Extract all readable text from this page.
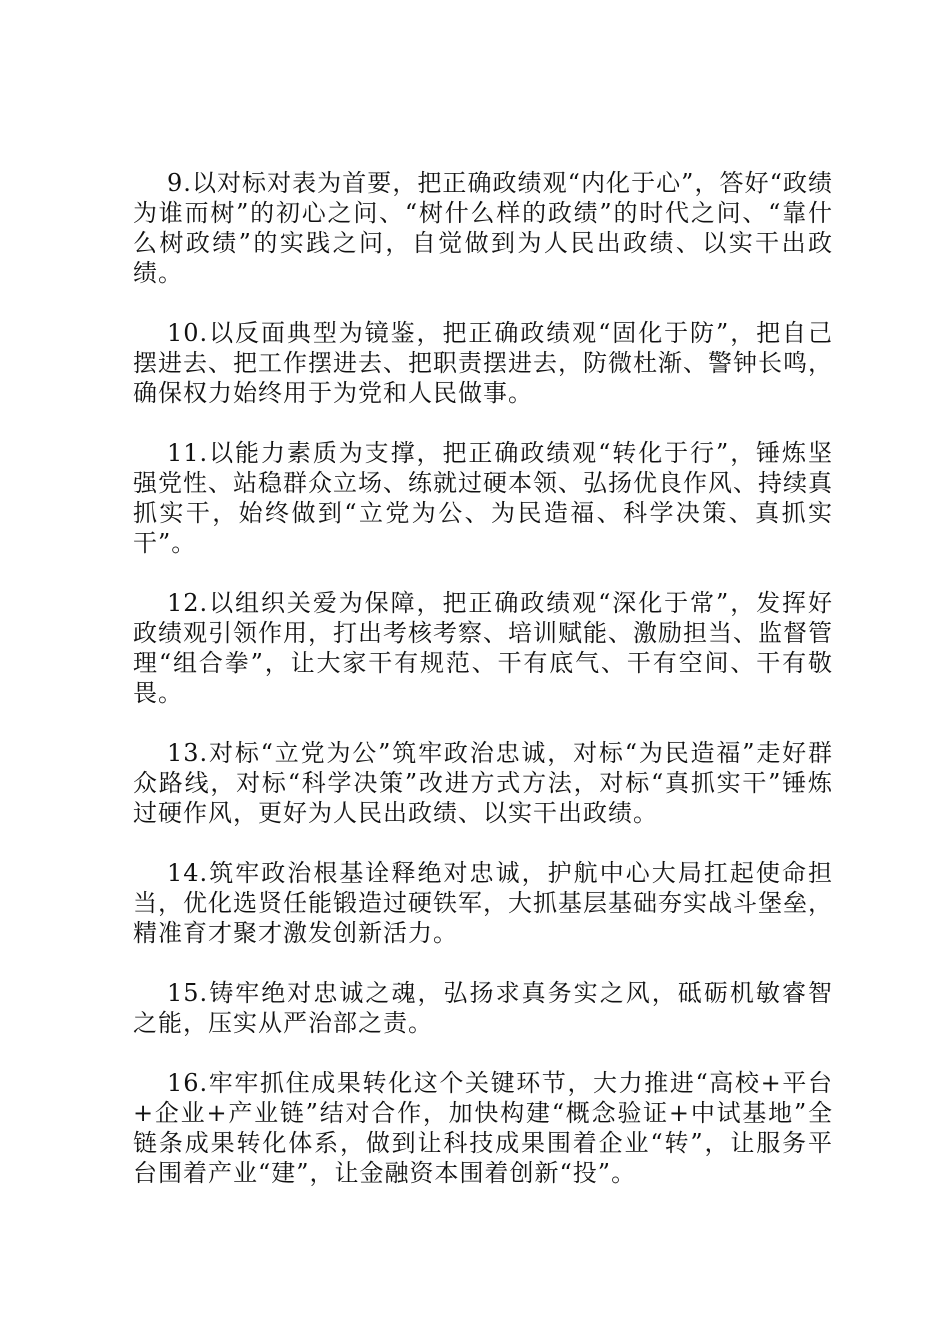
9.以对标对表为首要，把正确政绩观“内化于心”，答好“政绩为谁而树”的初心之问、“树什么样的政绩”的时代之问、“靠什么树政绩”的实践之问，自觉做到为人民出政绩、以实干出政绩。

10.以反面典型为镜鉴，把正确政绩观“固化于防”，把自己摆进去、把工作摆进去、把职责摆进去，防微杜渐、警钟长鸣，确保权力始终用于为党和人民做事。

11.以能力素质为支撑，把正确政绩观“转化于行”，锤炼坚强党性、站稳群众立场、练就过硬本领、弘扬优良作风、持续真抓实干，始终做到“立党为公、为民造福、科学决策、真抓实干”。

12.以组织关爱为保障，把正确政绩观“深化于常”，发挥好政绩观引领作用，打出考核考察、培训赋能、激励担当、监督管理“组合拳”，让大家干有规范、干有底气、干有空间、干有敬畏。

13.对标“立党为公”筑牢政治忠诚，对标“为民造福”走好群众路线，对标“科学决策”改进方式方法，对标“真抓实干”锤炼过硬作风，更好为人民出政绩、以实干出政绩。

14.筑牢政治根基诠释绝对忠诚，护航中心大局扛起使命担当，优化选贤任能锻造过硬铁军，大抓基层基础夯实战斗堡垒，精准育才聚才激发创新活力。

15.铸牢绝对忠诚之魂，弘扬求真务实之风，砥砺机敏睿智之能，压实从严治部之责。

16.牢牢抓住成果转化这个关键环节，大力推进“高校+平台+企业+产业链”结对合作，加快构建“概念验证+中试基地”全链条成果转化体系，做到让科技成果围着企业“转”，让服务平台围着产业“建”，让金融资本围着创新“投”。
